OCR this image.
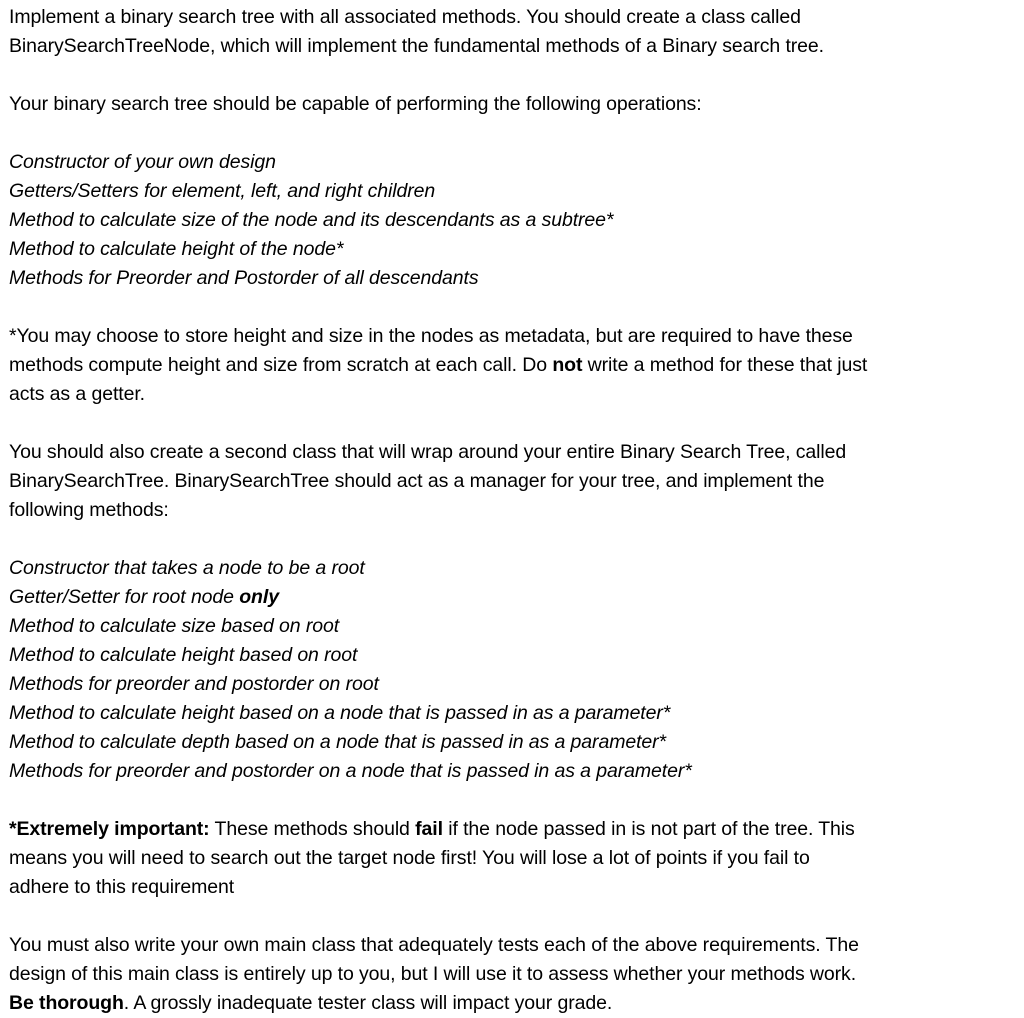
Implement a binary search tree with all associated methods. You should create a class called
BinarySearchTreeNode, which will implement the fundamental methods of a Binary search tree.
Your binary search tree should be capable of performing the following operations:
Constructor of your own design
Getters/Setters for element, left, and right children
Method to calculate size of the node and its descendants as a subtree*
Method to calculate height of the node*
Methods for Preorder and Postorder of all descendants
*You may choose to store height and size in the nodes as metadata, but are required to have these
methods compute height and size from scratch at each call. Do not write a method for these that just
acts as a getter.
You should also create a second class that will wrap around your entire Binary Search Tree, called
BinarySearchTree. BinarySearchTree should act as a manager for your tree, and implement the
following methods:
Constructor that takes a node to be a root
Getter/Setter for root node only
Method to calculate size based on root
Method to calculate height based on root
Methods for preorder and postorder on root
Method to calculate height based on a node that is passed in as a parameter*
Method to calculate depth based on a node that is passed in as a parameter*
Methods for preorder and postorder on a node that is passed in as a parameter*
*Extremely important: These methods should fail if the node passed in is not part of the tree. This
means you will need to search out the target node first! You will lose a lot of points if you fail to
adhere to this requirement
You must also write your own main class that adequately tests each of the above requirements. The
design of this main class is entirely up to you, but I will use it to assess whether your methods work.
Be thorough. A grossly inadequate tester class will impact your grade.
